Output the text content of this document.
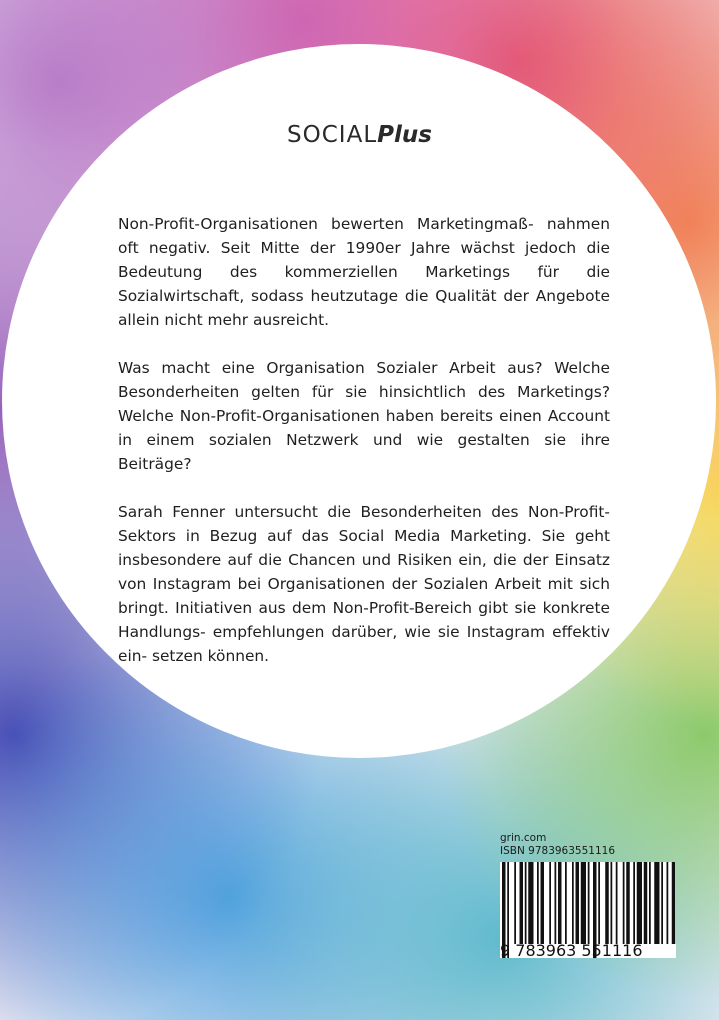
SOCIALPlus

Non-Profit-Organisationen bewerten Marketingmaß- nahmen oft negativ. Seit Mitte der 1990er Jahre wächst jedoch die Bedeutung des kommerziellen Marketings für die Sozialwirtschaft, sodass heutzutage die Qualität der Angebote allein nicht mehr ausreicht.

Was macht eine Organisation Sozialer Arbeit aus? Welche Besonderheiten gelten für sie hinsichtlich des Marketings? Welche Non-Profit-Organisationen haben bereits einen Account in einem sozialen Netzwerk und wie gestalten sie ihre Beiträge?

Sarah Fenner untersucht die Besonderheiten des Non-Profit-Sektors in Bezug auf das Social Media Marketing. Sie geht insbesondere auf die Chancen und Risiken ein, die der Einsatz von Instagram bei Organisationen der Sozialen Arbeit mit sich bringt. Initiativen aus dem Non-Profit-Bereich gibt sie konkrete Handlungs- empfehlungen darüber, wie sie Instagram effektiv ein- setzen können.

grin.com
ISBN 9783963551116
9 783963 551116
